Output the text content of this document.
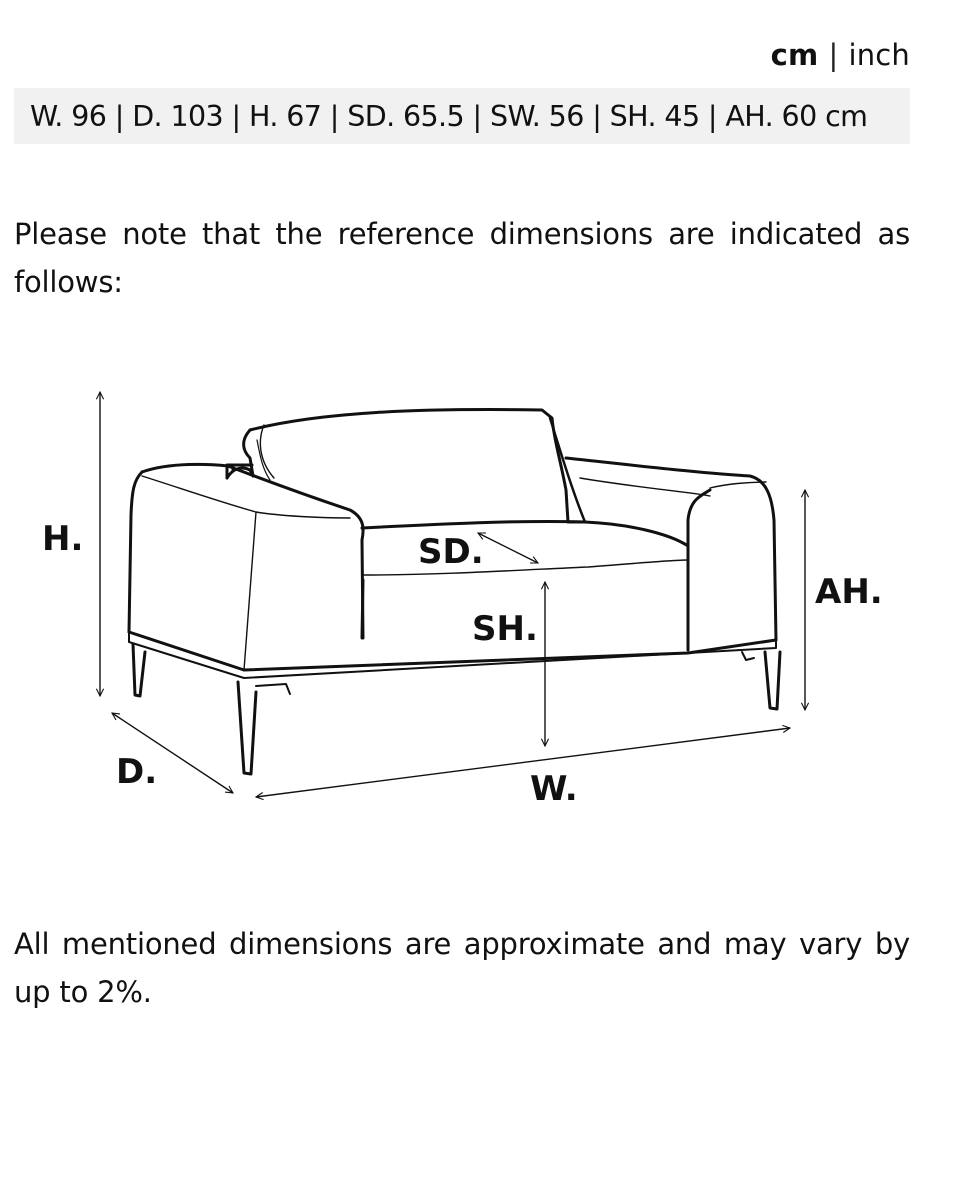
cm | inch
W. 96 | D. 103 | H. 67 | SD. 65.5 | SW. 56 | SH. 45 | AH. 60 cm

Please note that the reference dimensions are indicated as follows:

H.	SD.
SH.
AH.
D.	W.

All mentioned dimensions are approximate and may vary by up to 2%.
